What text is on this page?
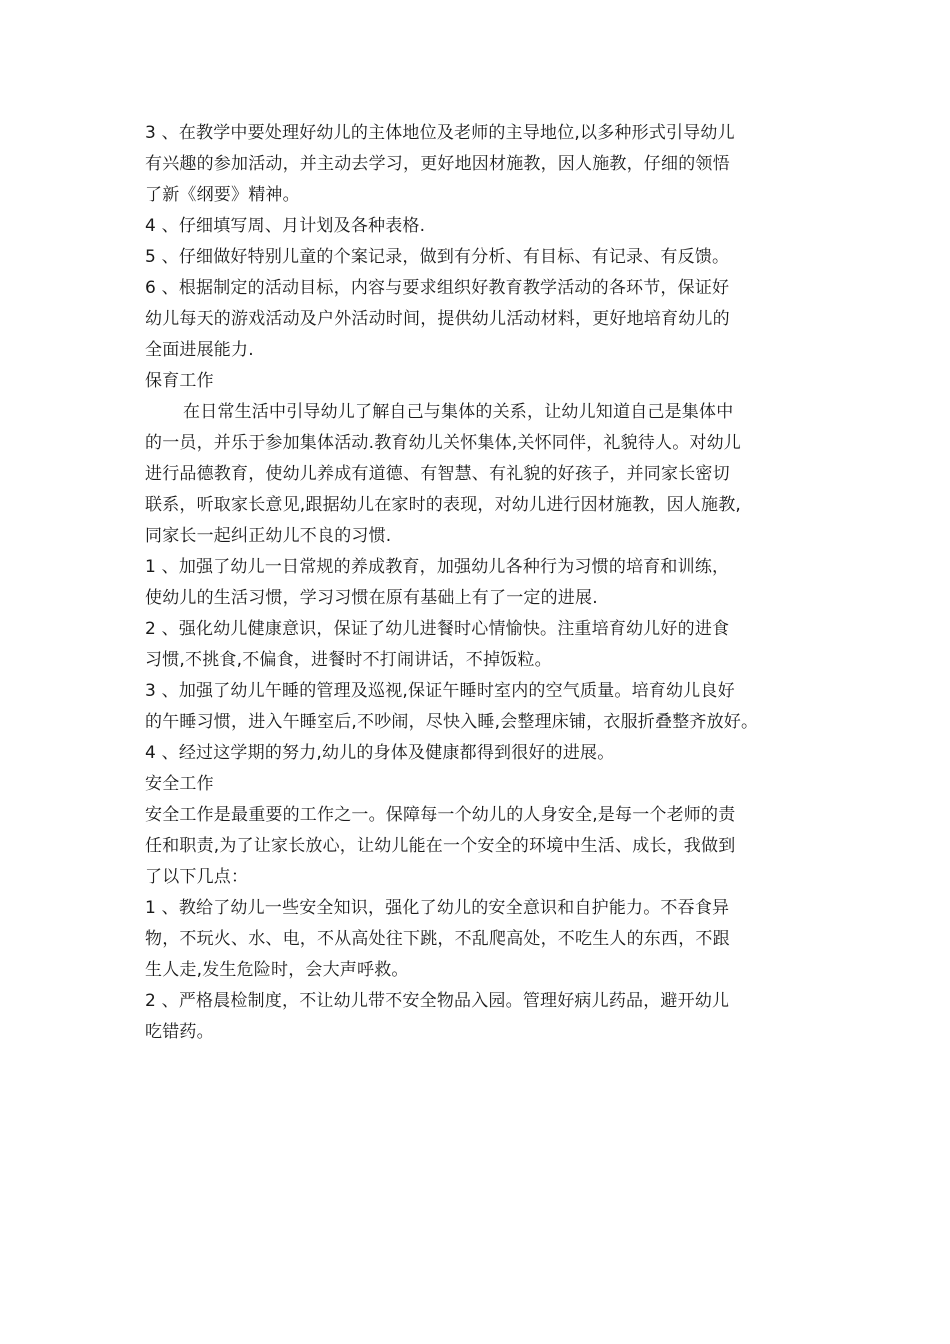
3 、在教学中要处理好幼儿的主体地位及老师的主导地位,以多种形式引导幼儿
有兴趣的参加活动，并主动去学习，更好地因材施教，因人施教，仔细的领悟
了新《纲要》精神。
4 、仔细填写周、月计划及各种表格.
5 、仔细做好特别儿童的个案记录，做到有分析、有目标、有记录、有反馈。
6 、根据制定的活动目标，内容与要求组织好教育教学活动的各环节，保证好
幼儿每天的游戏活动及户外活动时间，提供幼儿活动材料，更好地培育幼儿的
全面进展能力.
保育工作
在日常生活中引导幼儿了解自己与集体的关系，让幼儿知道自己是集体中
的一员，并乐于参加集体活动.教育幼儿关怀集体,关怀同伴，礼貌待人。对幼儿
进行品德教育，使幼儿养成有道德、有智慧、有礼貌的好孩子，并同家长密切
联系，听取家长意见,跟据幼儿在家时的表现，对幼儿进行因材施教，因人施教,
同家长一起纠正幼儿不良的习惯.
1 、加强了幼儿一日常规的养成教育，加强幼儿各种行为习惯的培育和训练，
使幼儿的生活习惯，学习习惯在原有基础上有了一定的进展.
2 、强化幼儿健康意识，保证了幼儿进餐时心情愉快。注重培育幼儿好的进食
习惯,不挑食,不偏食，进餐时不打闹讲话，不掉饭粒。
3 、加强了幼儿午睡的管理及巡视,保证午睡时室内的空气质量。培育幼儿良好
的午睡习惯，进入午睡室后,不吵闹，尽快入睡,会整理床铺，衣服折叠整齐放好。
4 、经过这学期的努力,幼儿的身体及健康都得到很好的进展。
安全工作
安全工作是最重要的工作之一。保障每一个幼儿的人身安全,是每一个老师的责
任和职责,为了让家长放心，让幼儿能在一个安全的环境中生活、成长，我做到
了以下几点：
1 、教给了幼儿一些安全知识，强化了幼儿的安全意识和自护能力。不吞食异
物，不玩火、水、电，不从高处往下跳，不乱爬高处，不吃生人的东西，不跟
生人走,发生危险时，会大声呼救。
2 、严格晨检制度，不让幼儿带不安全物品入园。管理好病儿药品，避开幼儿
吃错药。
